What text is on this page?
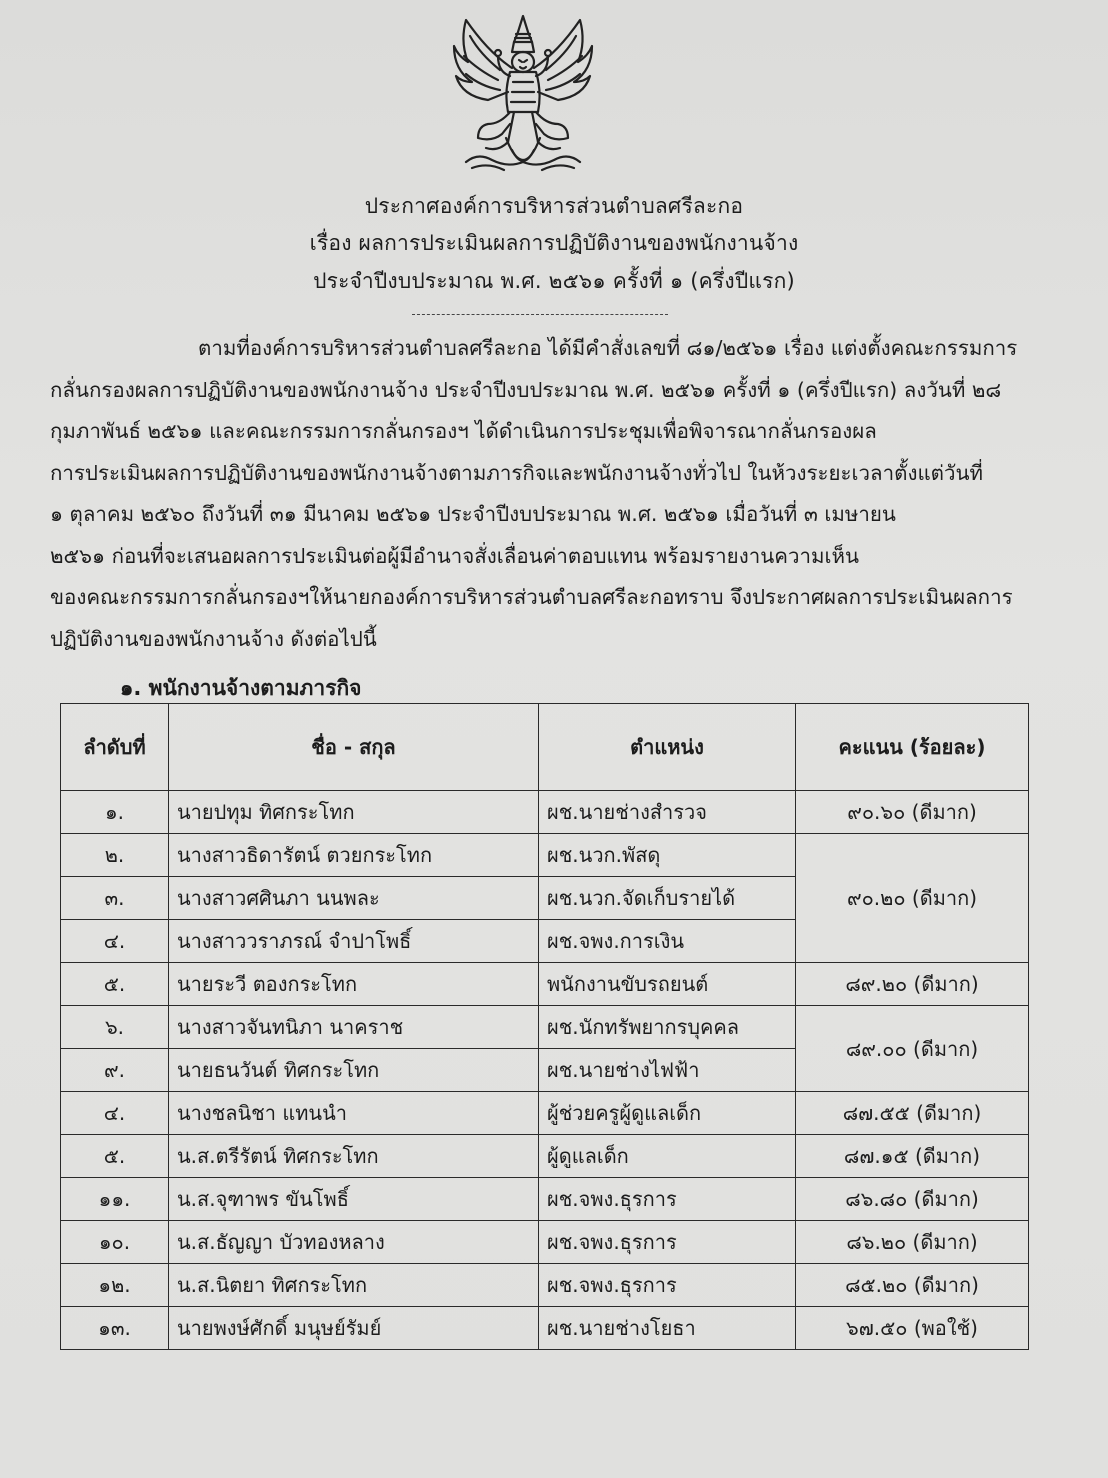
ประกาศองค์การบริหารส่วนตำบลศรีละกอ
เรื่อง ผลการประเมินผลการปฏิบัติงานของพนักงานจ้าง
ประจำปีงบประมาณ พ.ศ. ๒๕๖๑ ครั้งที่ ๑ (ครึ่งปีแรก)
ตามที่องค์การบริหารส่วนตำบลศรีละกอ ได้มีคำสั่งเลขที่ ๘๑/๒๕๖๑ เรื่อง แต่งตั้งคณะกรรมการ
กลั่นกรองผลการปฏิบัติงานของพนักงานจ้าง ประจำปีงบประมาณ พ.ศ. ๒๕๖๑ ครั้งที่ ๑ (ครึ่งปีแรก) ลงวันที่ ๒๘
กุมภาพันธ์ ๒๕๖๑ และคณะกรรมการกลั่นกรองฯ ได้ดำเนินการประชุมเพื่อพิจารณากลั่นกรองผล
การประเมินผลการปฏิบัติงานของพนักงานจ้างตามภารกิจและพนักงานจ้างทั่วไป ในห้วงระยะเวลาตั้งแต่วันที่
๑ ตุลาคม ๒๕๖๐ ถึงวันที่ ๓๑ มีนาคม ๒๕๖๑ ประจำปีงบประมาณ พ.ศ. ๒๕๖๑ เมื่อวันที่ ๓ เมษายน
๒๕๖๑ ก่อนที่จะเสนอผลการประเมินต่อผู้มีอำนาจสั่งเลื่อนค่าตอบแทน พร้อมรายงานความเห็น
ของคณะกรรมการกลั่นกรองฯให้นายกองค์การบริหารส่วนตำบลศรีละกอทราบ จึงประกาศผลการประเมินผลการ
ปฏิบัติงานของพนักงานจ้าง ดังต่อไปนี้
๑. พนักงานจ้างตามภารกิจ
ลำดับที่	ชื่อ - สกุล	ตำแหน่ง	คะแนน (ร้อยละ)
๑.	นายปทุม ทิศกระโทก	ผช.นายช่างสำรวจ	๙๐.๖๐ (ดีมาก)
๒.	นางสาวธิดารัตน์ ตวยกระโทก	ผช.นวก.พัสดุ	๙๐.๒๐ (ดีมาก)
๓.	นางสาวศศินภา นนพละ	ผช.นวก.จัดเก็บรายได้	
๔.	นางสาววราภรณ์ จำปาโพธิ์	ผช.จพง.การเงิน	
๕.	นายระวี ตองกระโทก	พนักงานขับรถยนต์	๘๙.๒๐ (ดีมาก)
๖.	นางสาวจันทนิภา นาคราช	ผช.นักทรัพยากรบุคคล	๘๙.๐๐ (ดีมาก)
๙.	นายธนวันต์ ทิศกระโทก	ผช.นายช่างไฟฟ้า	
๔.	นางชลนิชา แทนนำ	ผู้ช่วยครูผู้ดูแลเด็ก	๘๗.๕๕ (ดีมาก)
๕.	น.ส.ตรีรัตน์ ทิศกระโทก	ผู้ดูแลเด็ก	๘๗.๑๕ (ดีมาก)
๑๑.	น.ส.จุฑาพร ขันโพธิ์	ผช.จพง.ธุรการ	๘๖.๘๐ (ดีมาก)
๑๐.	น.ส.ธัญญา บัวทองหลาง	ผช.จพง.ธุรการ	๘๖.๒๐ (ดีมาก)
๑๒.	น.ส.นิตยา ทิศกระโทก	ผช.จพง.ธุรการ	๘๕.๒๐ (ดีมาก)
๑๓.	นายพงษ์ศักดิ์ มนุษย์รัมย์	ผช.นายช่างโยธา	๖๗.๕๐ (พอใช้)
